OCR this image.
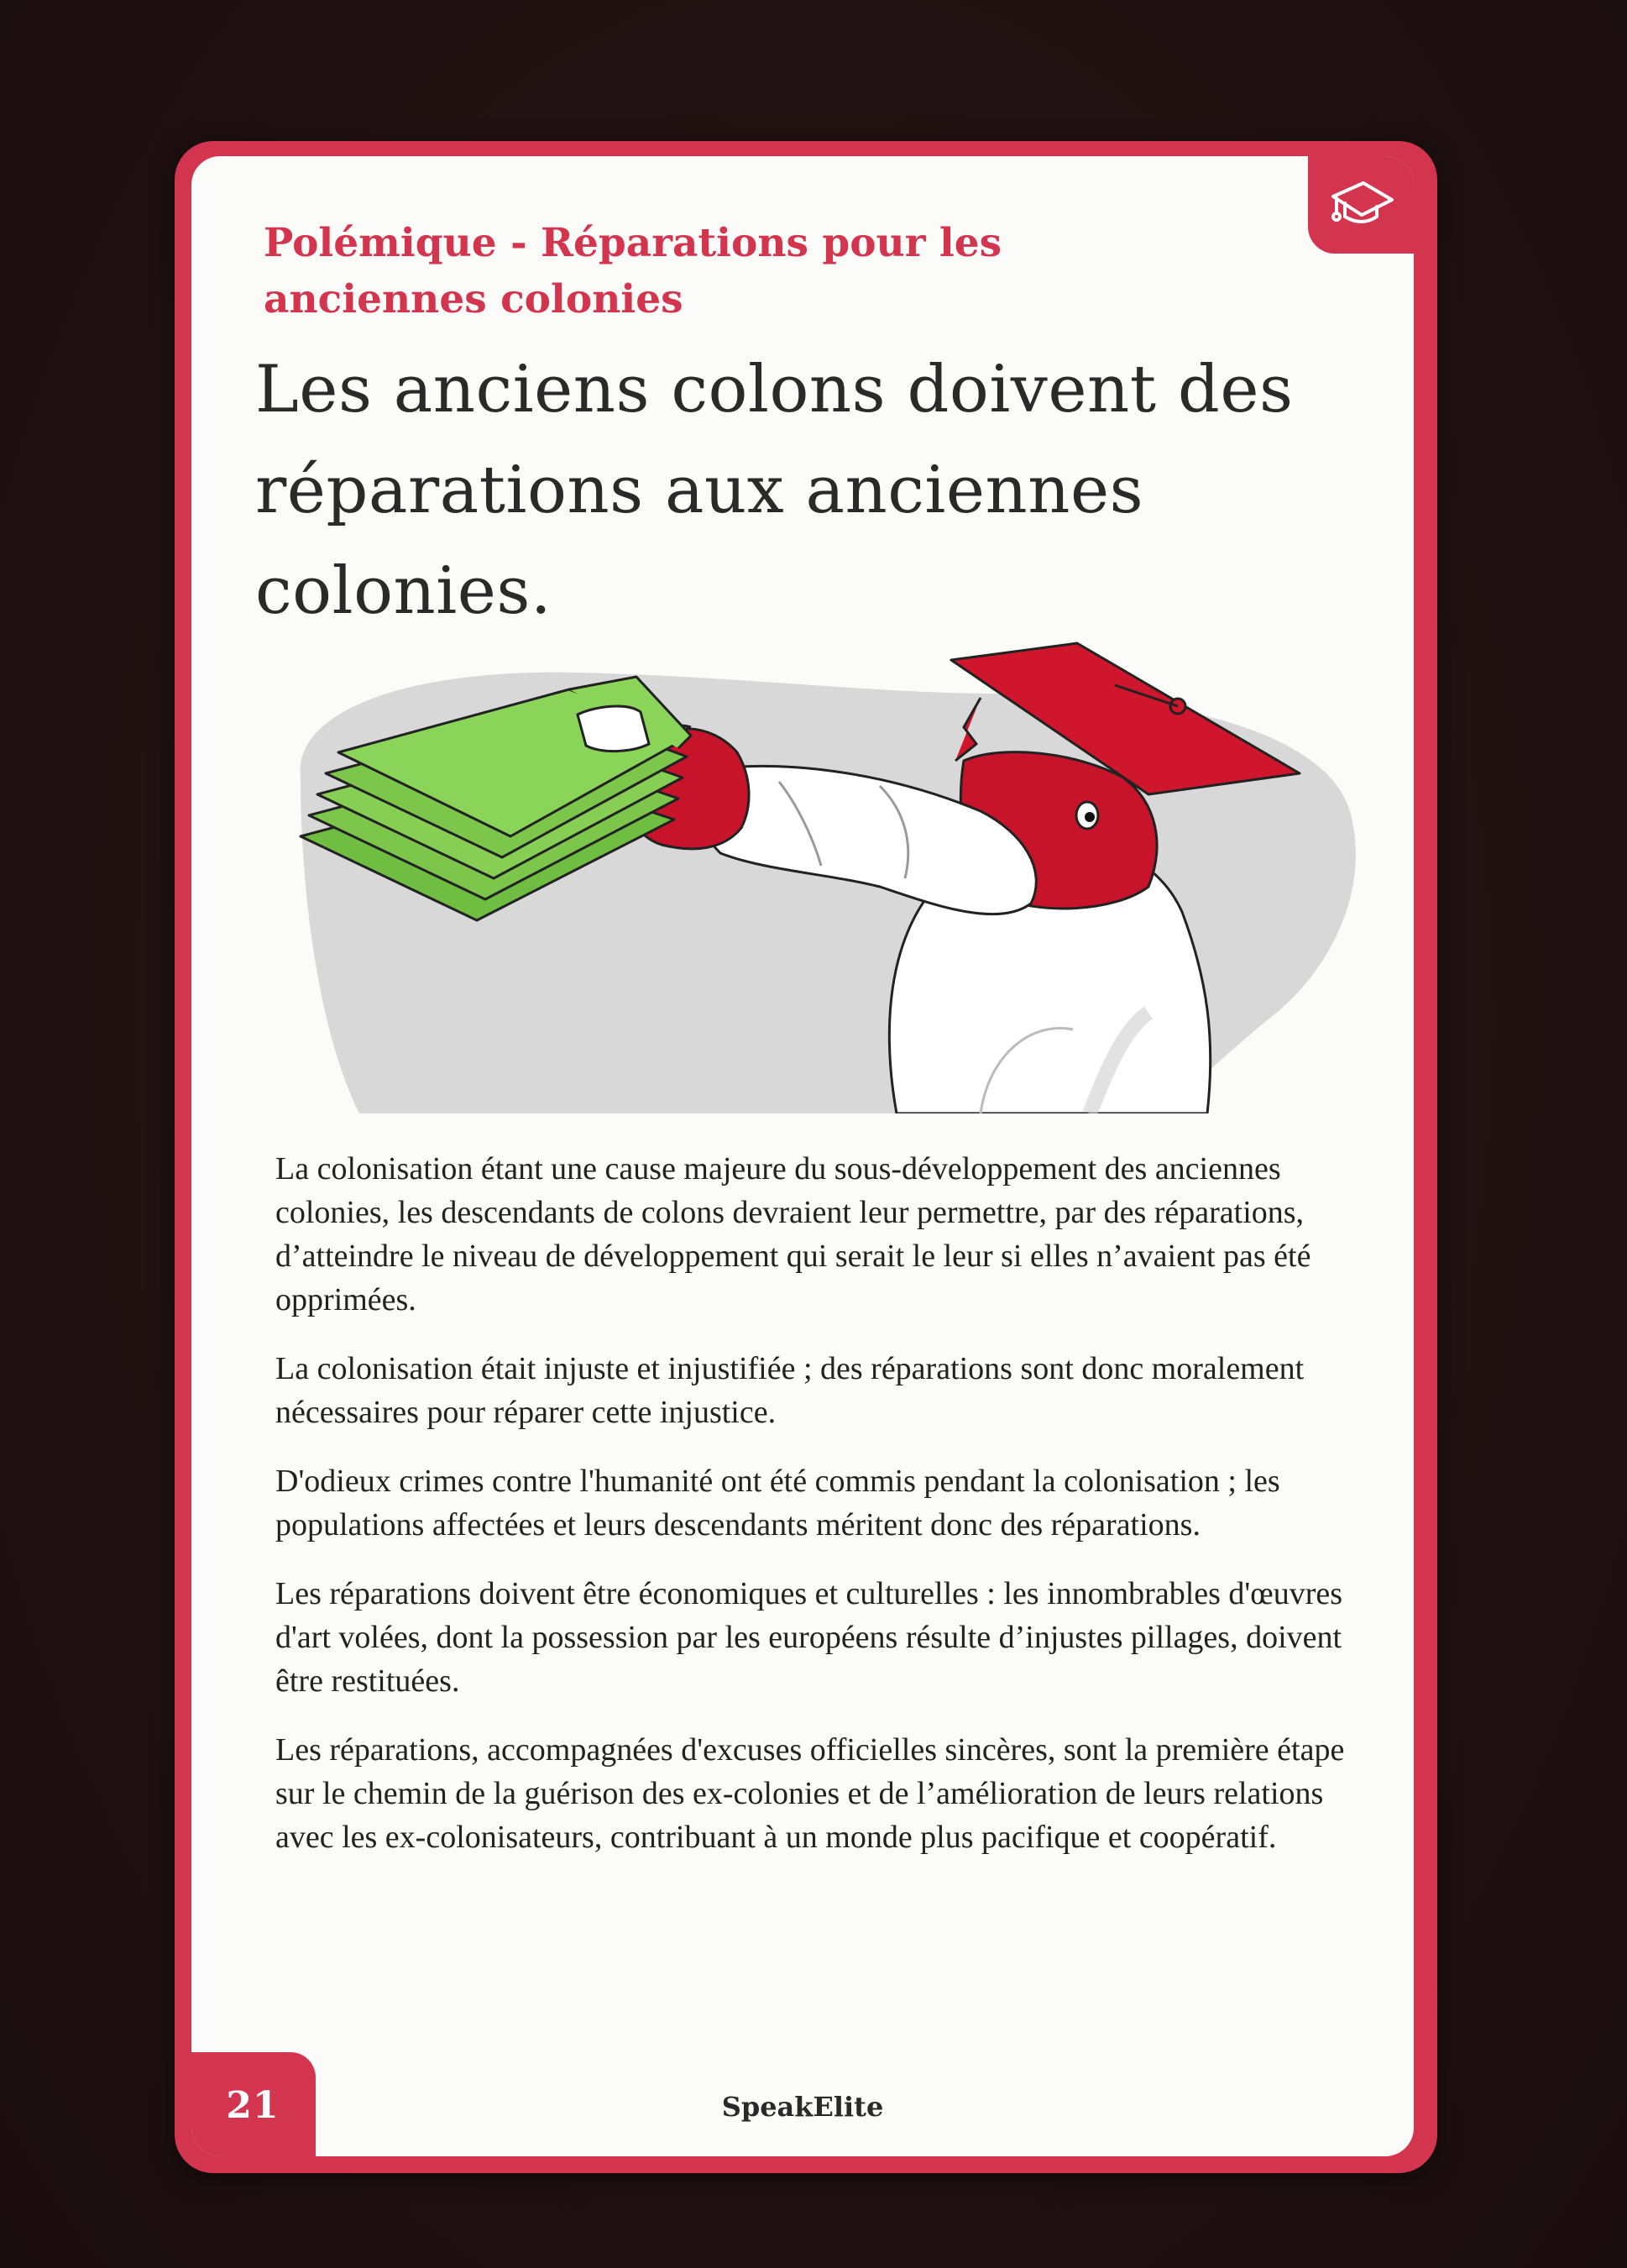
Polémique - Réparations pour les anciennes colonies
Les anciens colons doivent des réparations aux anciennes colonies.

La colonisation étant une cause majeure du sous-développement des anciennes colonies, les descendants de colons devraient leur permettre, par des réparations, d’atteindre le niveau de développement qui serait le leur si elles n’avaient pas été opprimées.

La colonisation était injuste et injustifiée ; des réparations sont donc moralement nécessaires pour réparer cette injustice.

D'odieux crimes contre l'humanité ont été commis pendant la colonisation ; les populations affectées et leurs descendants méritent donc des réparations.

Les réparations doivent être économiques et culturelles : les innombrables d'œuvres d'art volées, dont la possession par les européens résulte d’injustes pillages, doivent être restituées.

Les réparations, accompagnées d'excuses officielles sincères, sont la première étape sur le chemin de la guérison des ex-colonies et de l’amélioration de leurs relations avec les ex-colonisateurs, contribuant à un monde plus pacifique et coopératif.

21	SpeakElite
